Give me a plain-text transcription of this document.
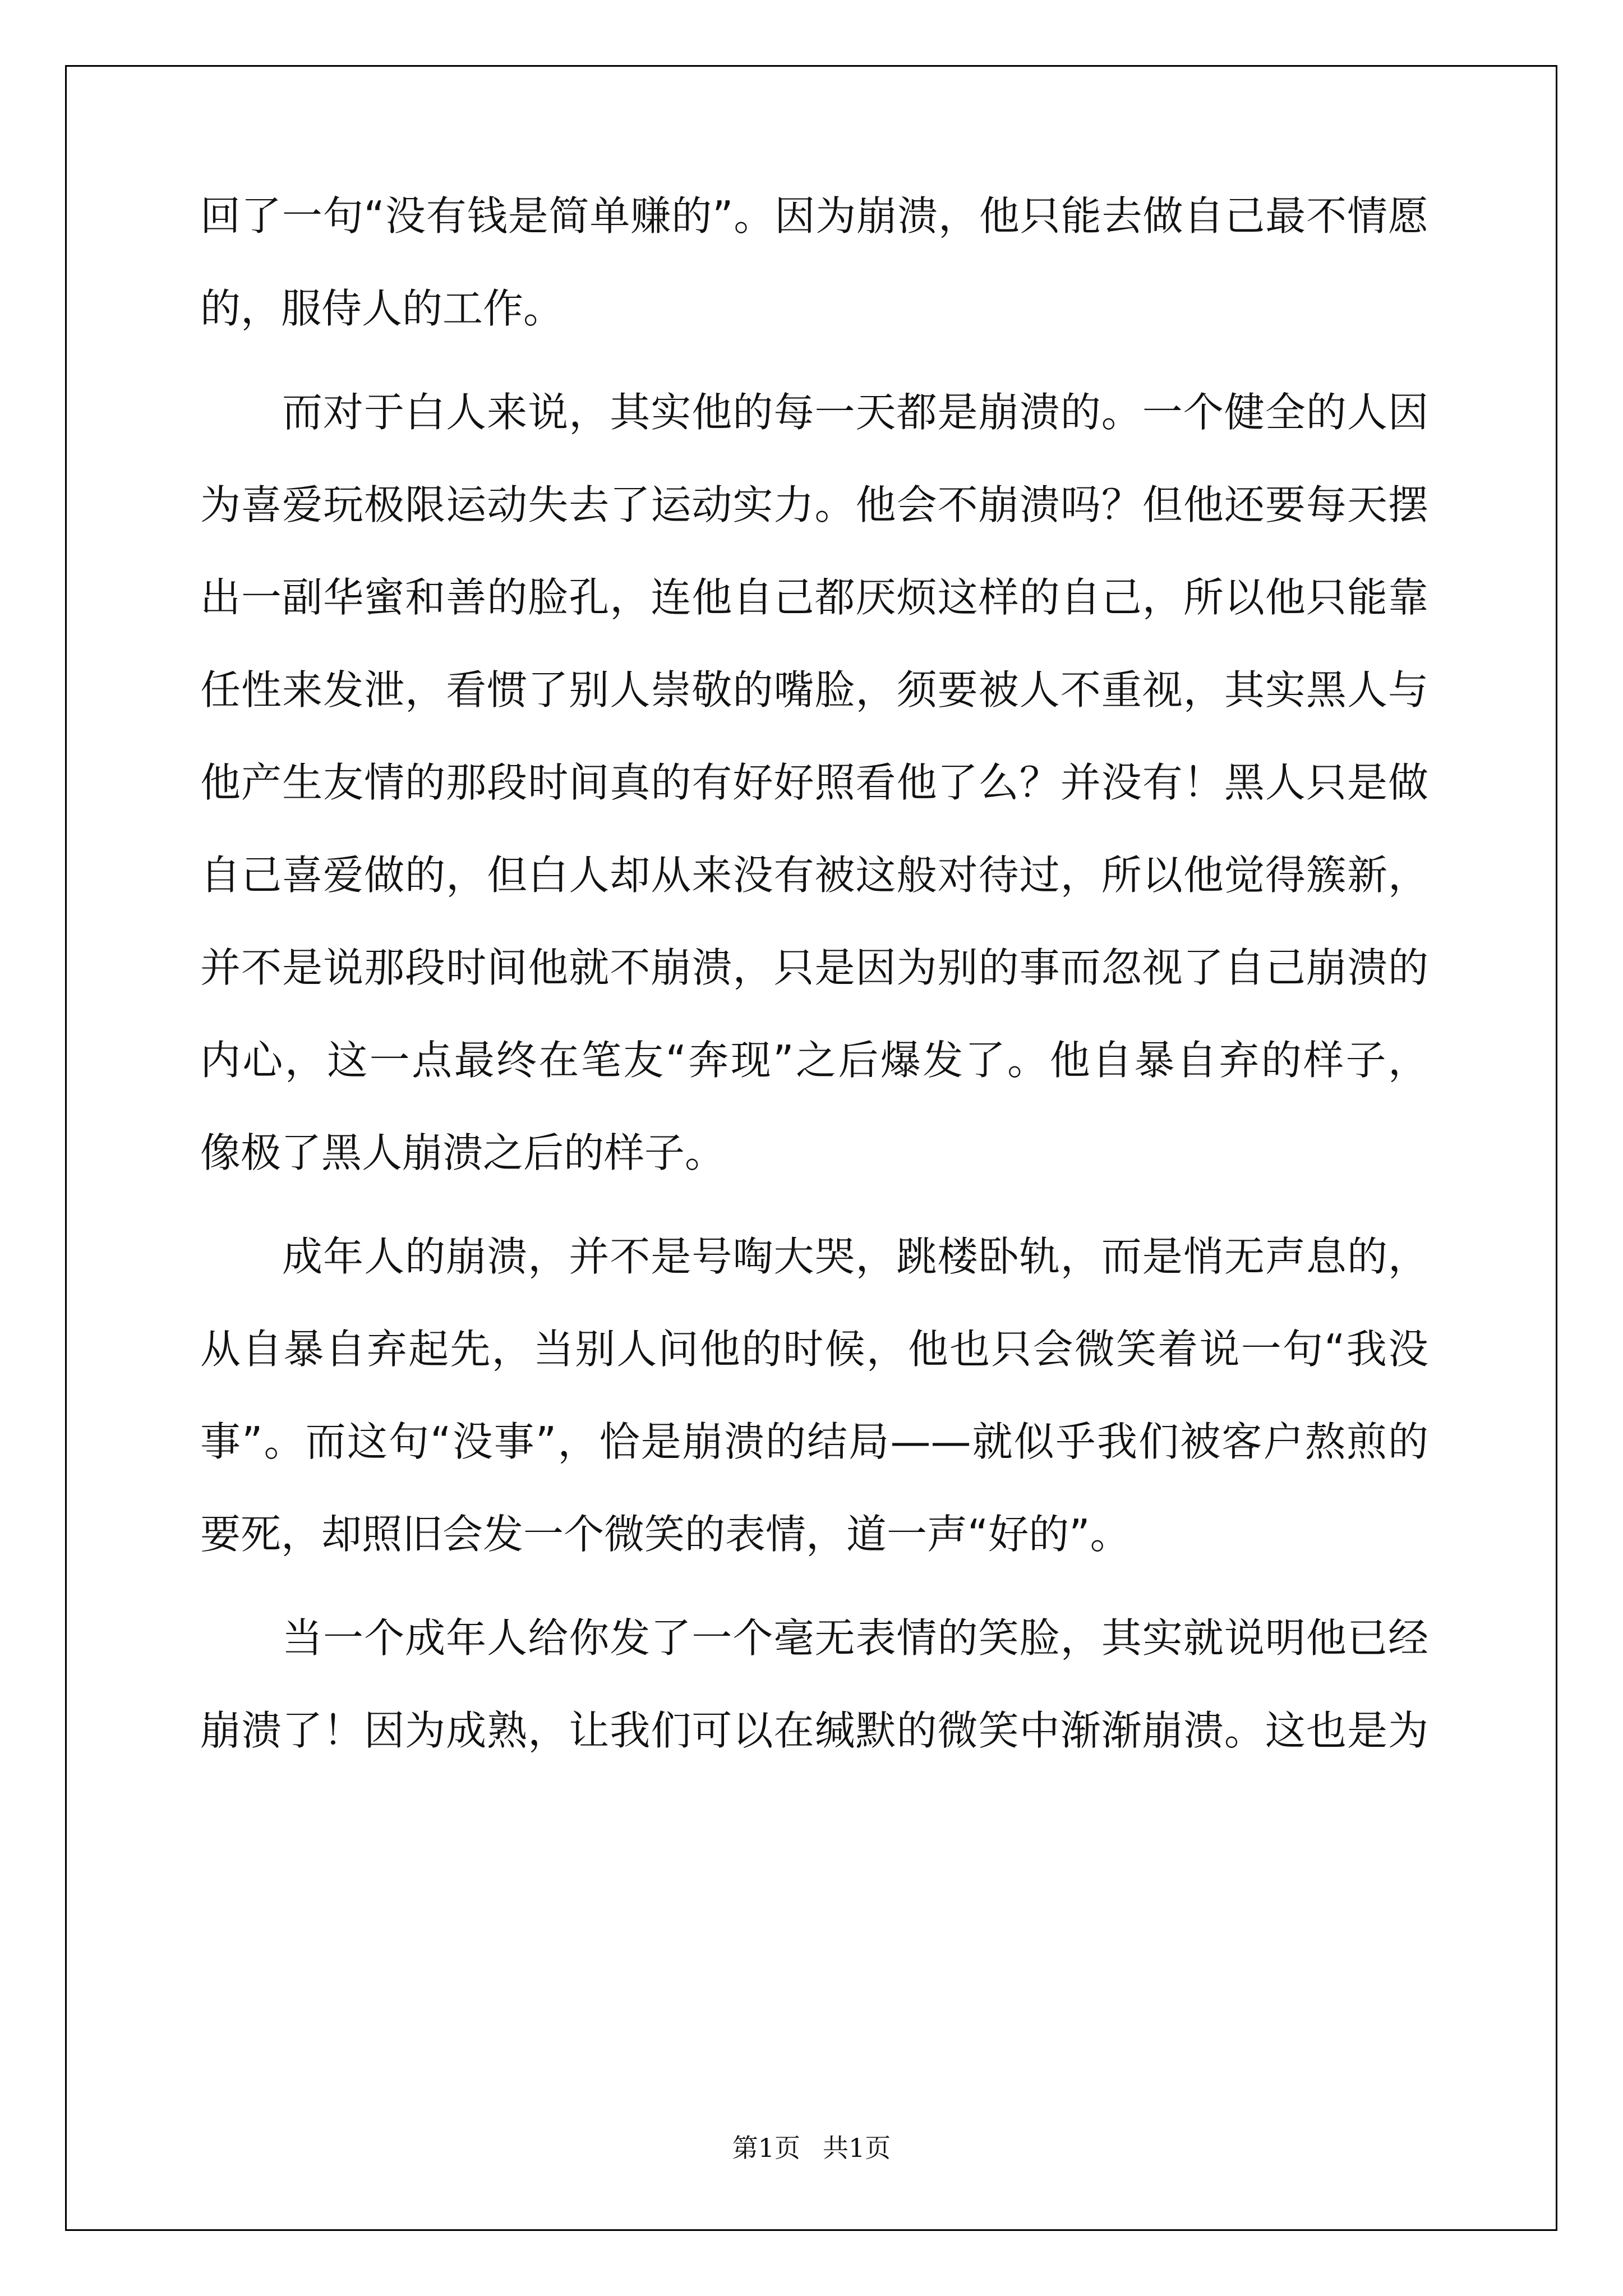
回了一句“没有钱是简单赚的”。因为崩溃，他只能去做自己最不情愿
的，服侍人的工作。
而对于白人来说，其实他的每一天都是崩溃的。一个健全的人因
为喜爱玩极限运动失去了运动实力。他会不崩溃吗？但他还要每天摆
出一副华蜜和善的脸孔，连他自己都厌烦这样的自己，所以他只能靠
任性来发泄，看惯了别人崇敬的嘴脸，须要被人不重视，其实黑人与
他产生友情的那段时间真的有好好照看他了么？并没有！黑人只是做
自己喜爱做的，但白人却从来没有被这般对待过，所以他觉得簇新，
并不是说那段时间他就不崩溃，只是因为别的事而忽视了自己崩溃的
内心，这一点最终在笔友“奔现”之后爆发了。他自暴自弃的样子，
像极了黑人崩溃之后的样子。
成年人的崩溃，并不是号啕大哭，跳楼卧轨，而是悄无声息的，
从自暴自弃起先，当别人问他的时候，他也只会微笑着说一句“我没
事”。而这句“没事”，恰是崩溃的结局——就似乎我们被客户熬煎的
要死，却照旧会发一个微笑的表情，道一声“好的”。
当一个成年人给你发了一个毫无表情的笑脸，其实就说明他已经
崩溃了！因为成熟，让我们可以在缄默的微笑中渐渐崩溃。这也是为
第1页 共1页
